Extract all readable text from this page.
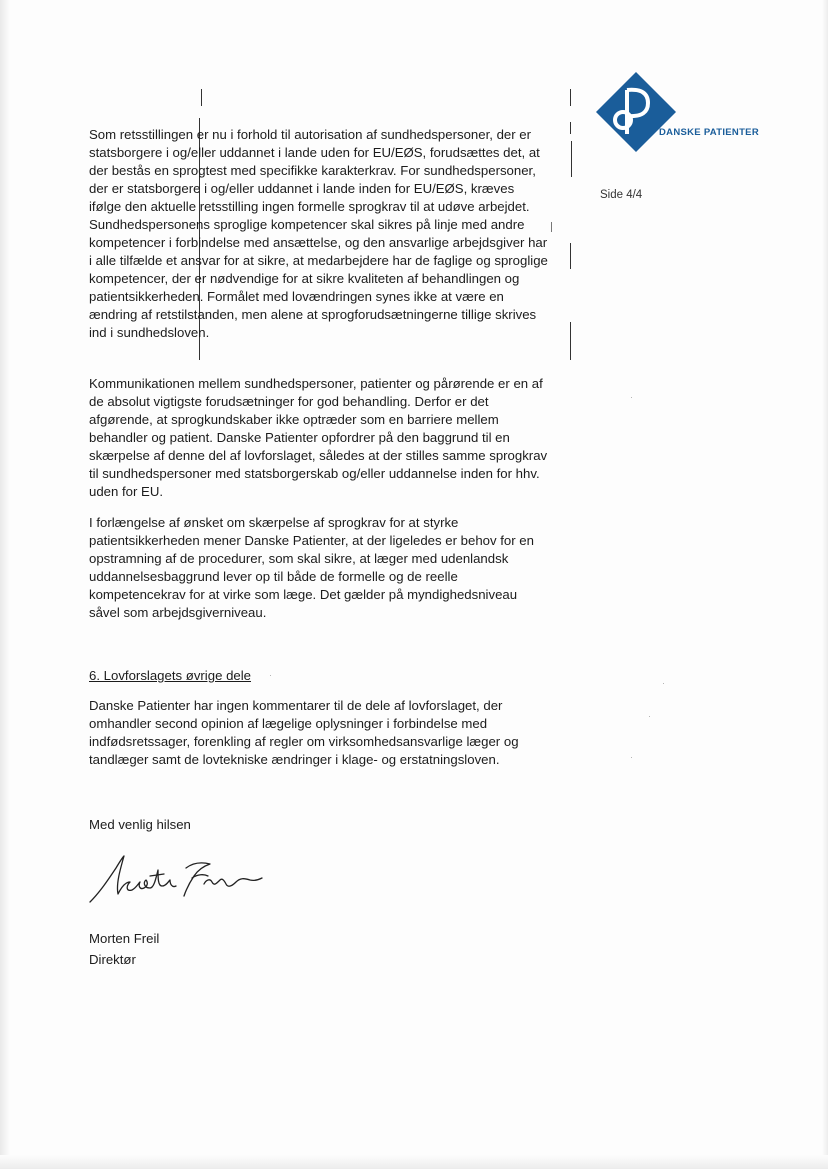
DANSKE PATIENTER
Side 4/4

Som retsstillingen er nu i forhold til autorisation af sundhedspersoner, der er statsborgere i og/eller uddannet i lande uden for EU/EØS, forudsættes det, at der bestås en sprogtest med specifikke karakterkrav. For sundhedspersoner, der er statsborgere i og/eller uddannet i lande inden for EU/EØS, kræves ifølge den aktuelle retsstilling ingen formelle sprogkrav til at udøve arbejdet. Sundhedspersonens sproglige kompetencer skal sikres på linje med andre kompetencer i forbindelse med ansættelse, og den ansvarlige arbejdsgiver har i alle tilfælde et ansvar for at sikre, at medarbejdere har de faglige og sproglige kompetencer, der er nødvendige for at sikre kvaliteten af behandlingen og patientsikkerheden. Formålet med lovændringen synes ikke at være en ændring af retstilstanden, men alene at sprogforudsætningerne tillige skrives ind i sundhedsloven.

Kommunikationen mellem sundhedspersoner, patienter og pårørende er en af de absolut vigtigste forudsætninger for god behandling. Derfor er det afgørende, at sprogkundskaber ikke optræder som en barriere mellem behandler og patient. Danske Patienter opfordrer på den baggrund til en skærpelse af denne del af lovforslaget, således at der stilles samme sprogkrav til sundhedspersoner med statsborgerskab og/eller uddannelse inden for hhv. uden for EU.

I forlængelse af ønsket om skærpelse af sprogkrav for at styrke patientsikkerheden mener Danske Patienter, at der ligeledes er behov for en opstramning af de procedurer, som skal sikre, at læger med udenlandsk uddannelsesbaggrund lever op til både de formelle og de reelle kompetencekrav for at virke som læge. Det gælder på myndighedsniveau såvel som arbejdsgiverniveau.

6. Lovforslagets øvrige dele

Danske Patienter har ingen kommentarer til de dele af lovforslaget, der omhandler second opinion af lægelige oplysninger i forbindelse med indfødsretssager, forenkling af regler om virksomhedsansvarlige læger og tandlæger samt de lovtekniske ændringer i klage- og erstatningsloven.

Med venlig hilsen
Morten Freil
Direktør
